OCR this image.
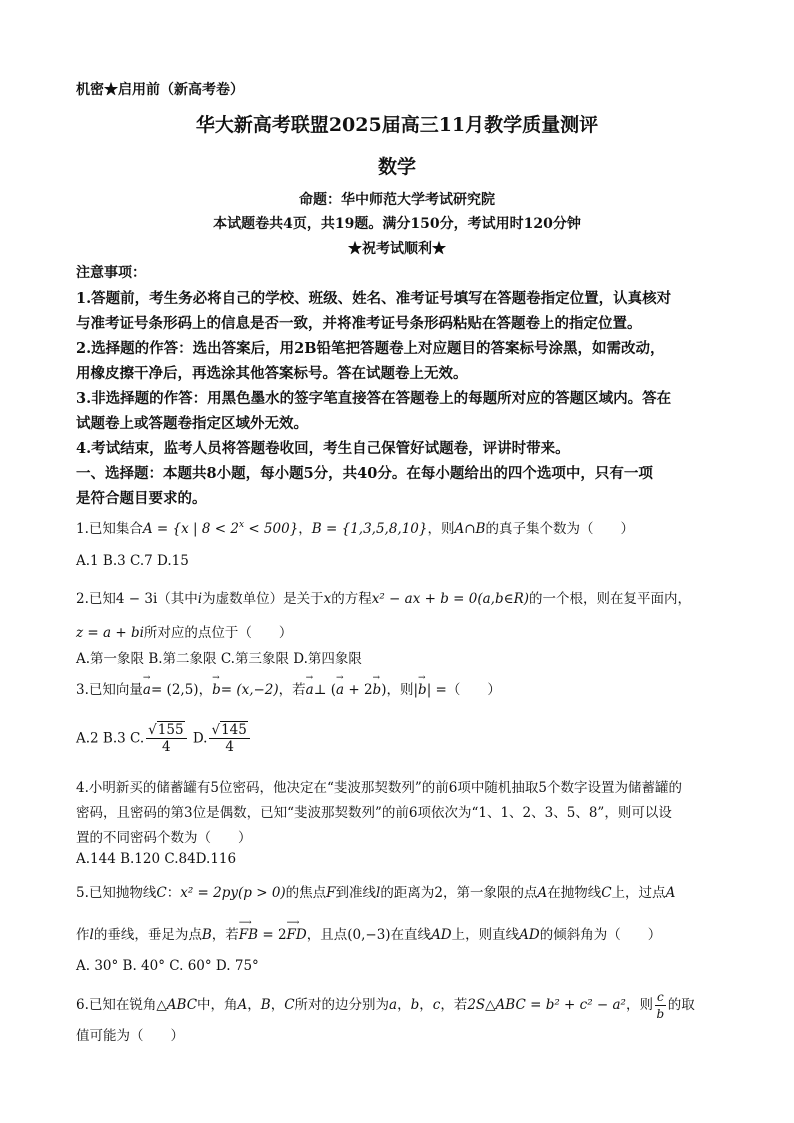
机密★启用前（新高考卷）
华大新高考联盟2025届高三11月教学质量测评
数学
命题：华中师范大学考试研究院
本试题卷共4页，共19题。满分150分，考试用时120分钟
★祝考试顺利★
注意事项：
1.答题前，考生务必将自己的学校、班级、姓名、准考证号填写在答题卷指定位置，认真核对
与准考证号条形码上的信息是否一致，并将准考证号条形码粘贴在答题卷上的指定位置。
2.选择题的作答：选出答案后，用2B铅笔把答题卷上对应题目的答案标号涂黑，如需改动，
用橡皮擦干净后，再选涂其他答案标号。答在试题卷上无效。
3.非选择题的作答：用黑色墨水的签字笔直接答在答题卷上的每题所对应的答题区域内。答在
试题卷上或答题卷指定区域外无效。
4.考试结束，监考人员将答题卷收回，考生自己保管好试题卷，评讲时带来。
一、选择题：本题共8小题，每小题5分，共40分。在每小题给出的四个选项中，只有一项
是符合题目要求的。
1.已知集合A = {x | $8 < 2^x < 500$}，B = {1,3,5,8,10}，则A∩B的真子集个数为（　　）
A.1 B.3 C.7 D.15
2.已知4 − 3i（其中i为虚数单位）是关于x的方程x² − ax + b = 0(a,b∈R)的一个根，则在复平面内，
z = a + bi所对应的点位于（　　）
A.第一象限 B.第二象限 C.第三象限 D.第四象限
3.已知向量a
→
= (2,5)，b
→
= (x,−2)，若a
→
⊥ (a
→
+ 2b
→
)，则|b
→
| =（　　）
A.2 B.3 C. $\frac{√155}{4} D$. $\frac{√145}{4}$
4.小明新买的储蓄罐有5位密码，他决定在“斐波那契数列”的前6项中随机抽取5个数字设置为储蓄罐的
密码，且密码的第3位是偶数，已知“斐波那契数列”的前6项依次为“1、1、2、3、5、8”，则可以设
置的不同密码个数为（　　）
A.144 B.120 C.84D.116
5.已知抛物线C：x² = 2py(p > 0)的焦点F到准线l的距离为2，第一象限的点A在抛物线C上，过点A
作l的垂线，垂足为点B，若FB
⟶
= 2FD
⟶
，且点(0,−3)在直线AD上，则直线AD的倾斜角为（　　）
A. 30° B. 40° C. 60° D. 75°
6.已知在锐角△ABC中，角A，B，C所对的边分别为a，b，c，若2S△ABC = b² + c² − a²，则 $\frac{c}{b}$ 的取
值可能为（　　）
